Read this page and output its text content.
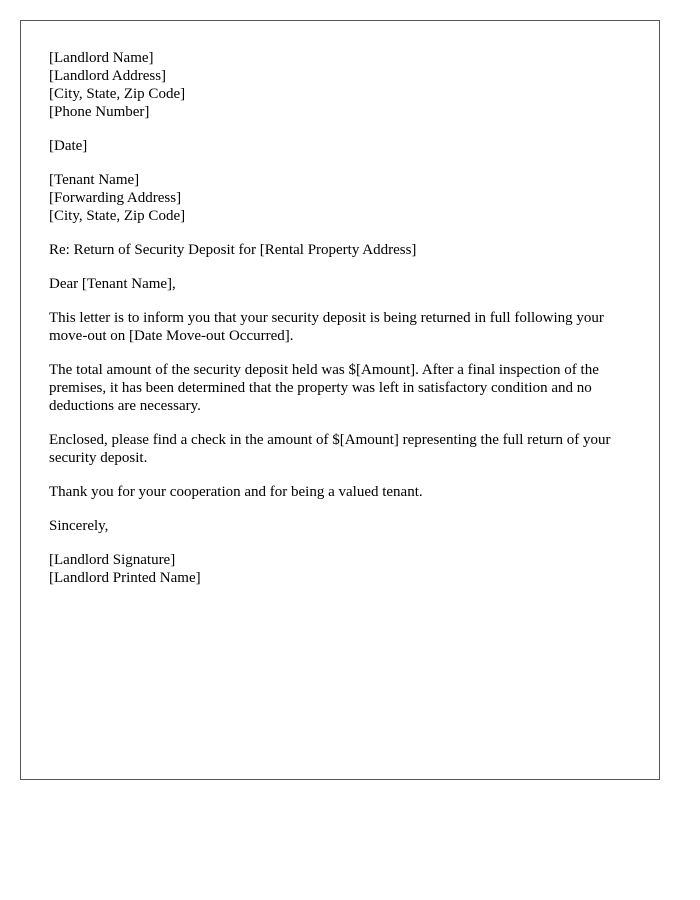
[Landlord Name]
[Landlord Address]
[City, State, Zip Code]
[Phone Number]
[Date]
[Tenant Name]
[Forwarding Address]
[City, State, Zip Code]

Re: Return of Security Deposit for [Rental Property Address]

Dear [Tenant Name],

This letter is to inform you that your security deposit is being returned in full following your move-out on [Date Move-out Occurred].

The total amount of the security deposit held was $[Amount]. After a final inspection of the premises, it has been determined that the property was left in satisfactory condition and no deductions are necessary.

Enclosed, please find a check in the amount of $[Amount] representing the full return of your security deposit.

Thank you for your cooperation and for being a valued tenant.

Sincerely,

[Landlord Signature]
[Landlord Printed Name]
